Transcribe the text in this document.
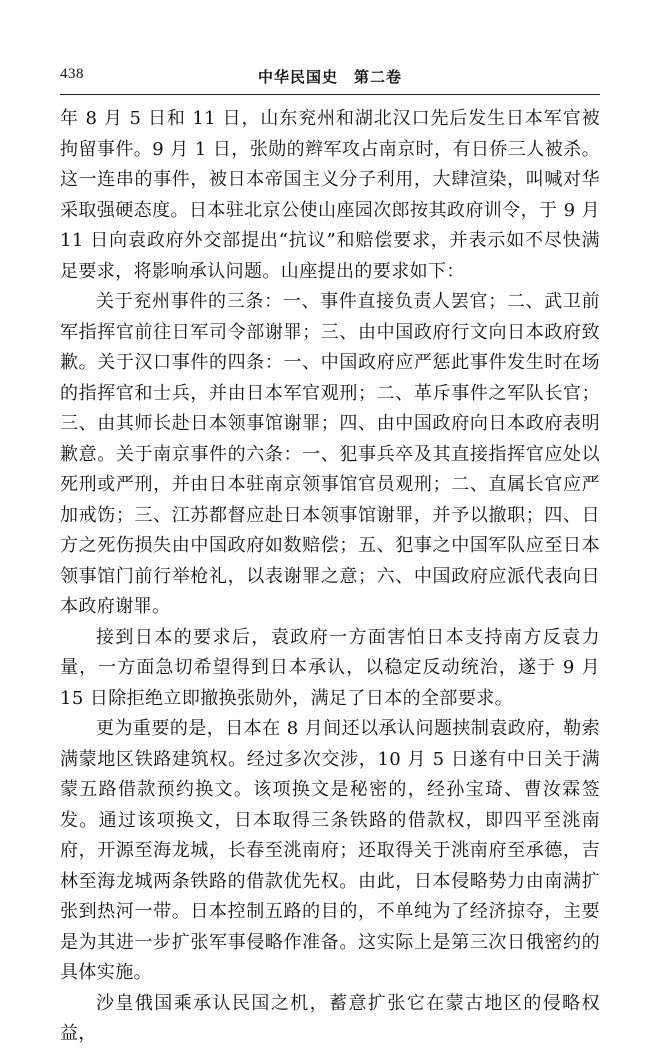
438	中华民国史　第二卷

年 8 月 5 日和 11 日，山东兖州和湖北汉口先后发生日本军官被拘留事件。9 月 1 日，张勋的辫军攻占南京时，有日侨三人被杀。这一连串的事件，被日本帝国主义分子利用，大肆渲染，叫喊对华采取强硬态度。日本驻北京公使山座园次郎按其政府训令，于 9 月 11 日向袁政府外交部提出“抗议”和赔偿要求，并表示如不尽快满足要求，将影响承认问题。山座提出的要求如下：

关于兖州事件的三条：一、事件直接负责人罢官；二、武卫前军指挥官前往日军司令部谢罪；三、由中国政府行文向日本政府致歉。关于汉口事件的四条：一、中国政府应严惩此事件发生时在场的指挥官和士兵，并由日本军官观刑；二、革斥事件之军队长官；三、由其师长赴日本领事馆谢罪；四、由中国政府向日本政府表明歉意。关于南京事件的六条：一、犯事兵卒及其直接指挥官应处以死刑或严刑，并由日本驻南京领事馆官员观刑；二、直属长官应严加戒饬；三、江苏都督应赴日本领事馆谢罪，并予以撤职；四、日方之死伤损失由中国政府如数赔偿；五、犯事之中国军队应至日本领事馆门前行举枪礼，以表谢罪之意；六、中国政府应派代表向日本政府谢罪。

接到日本的要求后，袁政府一方面害怕日本支持南方反袁力量，一方面急切希望得到日本承认，以稳定反动统治，遂于 9 月 15 日除拒绝立即撤换张勋外，满足了日本的全部要求。

更为重要的是，日本在 8 月间还以承认问题挟制袁政府，勒索满蒙地区铁路建筑权。经过多次交涉，10 月 5 日遂有中日关于满蒙五路借款预约换文。该项换文是秘密的，经孙宝琦、曹汝霖签发。通过该项换文，日本取得三条铁路的借款权，即四平至洮南府，开源至海龙城，长春至洮南府；还取得关于洮南府至承德，吉林至海龙城两条铁路的借款优先权。由此，日本侵略势力由南满扩张到热河一带。日本控制五路的目的，不单纯为了经济掠夺，主要是为其进一步扩张军事侵略作准备。这实际上是第三次日俄密约的具体实施。

沙皇俄国乘承认民国之机，蓄意扩张它在蒙古地区的侵略权益，
